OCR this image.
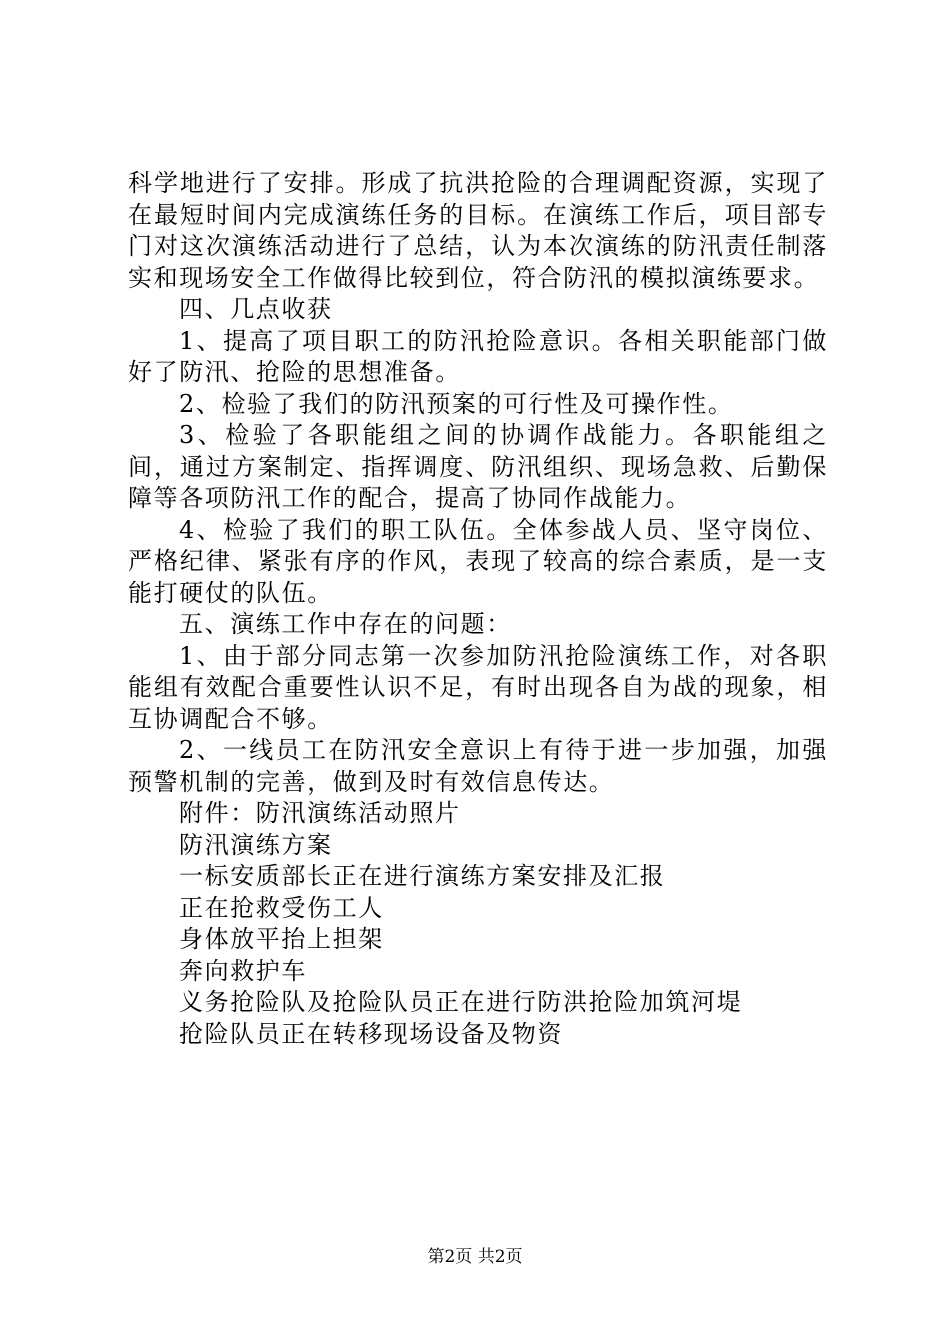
科学地进行了安排。形成了抗洪抢险的合理调配资源，实现了在最短时间内完成演练任务的目标。在演练工作后，项目部专门对这次演练活动进行了总结，认为本次演练的防汛责任制落实和现场安全工作做得比较到位，符合防汛的模拟演练要求。

四、几点收获

1、提高了项目职工的防汛抢险意识。各相关职能部门做好了防汛、抢险的思想准备。

2、检验了我们的防汛预案的可行性及可操作性。

3、检验了各职能组之间的协调作战能力。各职能组之间，通过方案制定、指挥调度、防汛组织、现场急救、后勤保障等各项防汛工作的配合，提高了协同作战能力。

4、检验了我们的职工队伍。全体参战人员、坚守岗位、严格纪律、紧张有序的作风，表现了较高的综合素质，是一支能打硬仗的队伍。

五、演练工作中存在的问题：

1、由于部分同志第一次参加防汛抢险演练工作，对各职能组有效配合重要性认识不足，有时出现各自为战的现象，相互协调配合不够。

2、一线员工在防汛安全意识上有待于进一步加强，加强预警机制的完善，做到及时有效信息传达。

附件：防汛演练活动照片

防汛演练方案

一标安质部长正在进行演练方案安排及汇报

正在抢救受伤工人

身体放平抬上担架

奔向救护车

义务抢险队及抢险队员正在进行防洪抢险加筑河堤

抢险队员正在转移现场设备及物资

第2页 共2页
